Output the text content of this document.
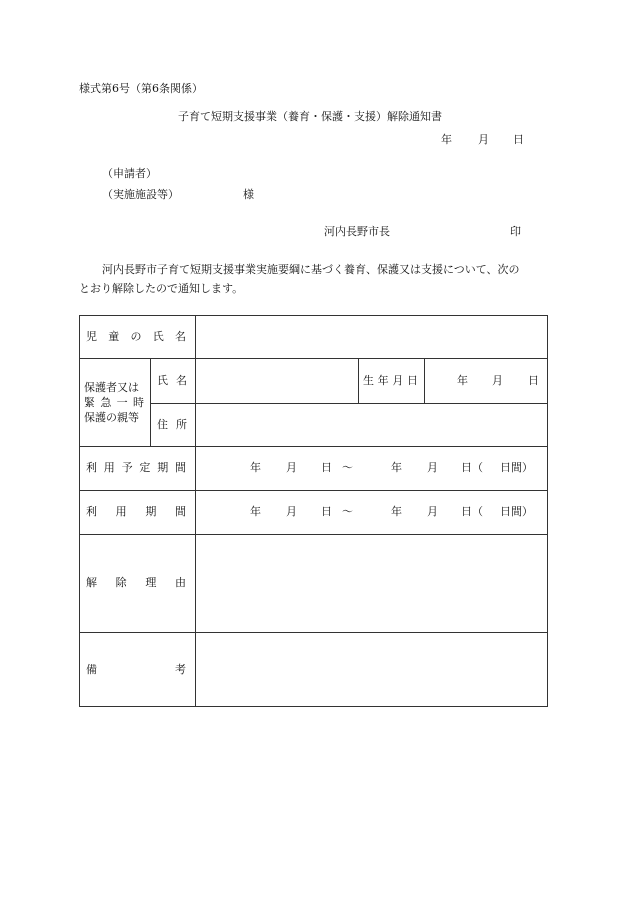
様式第6号（第6条関係）
子育て短期支援事業（養育・保護・支援）解除通知書
年 月 日
（申請者）
（実施施設等）	様
河内長野市長	印
河内長野市子育て短期支援事業実施要綱に基づく養育、保護又は支援について、次の
とおり解除したので通知します。
児 童 の 氏 名
保護者又は
緊 急 一 時
保護の親等
氏 名	生 年 月 日	年 月 日
住 所
利 用 予 定 期 間	年 月 日 ～	年 月 日（ 日間）
利 用 期 間	年 月 日 ～	年 月 日（ 日間）
解 除 理 由
備	考
